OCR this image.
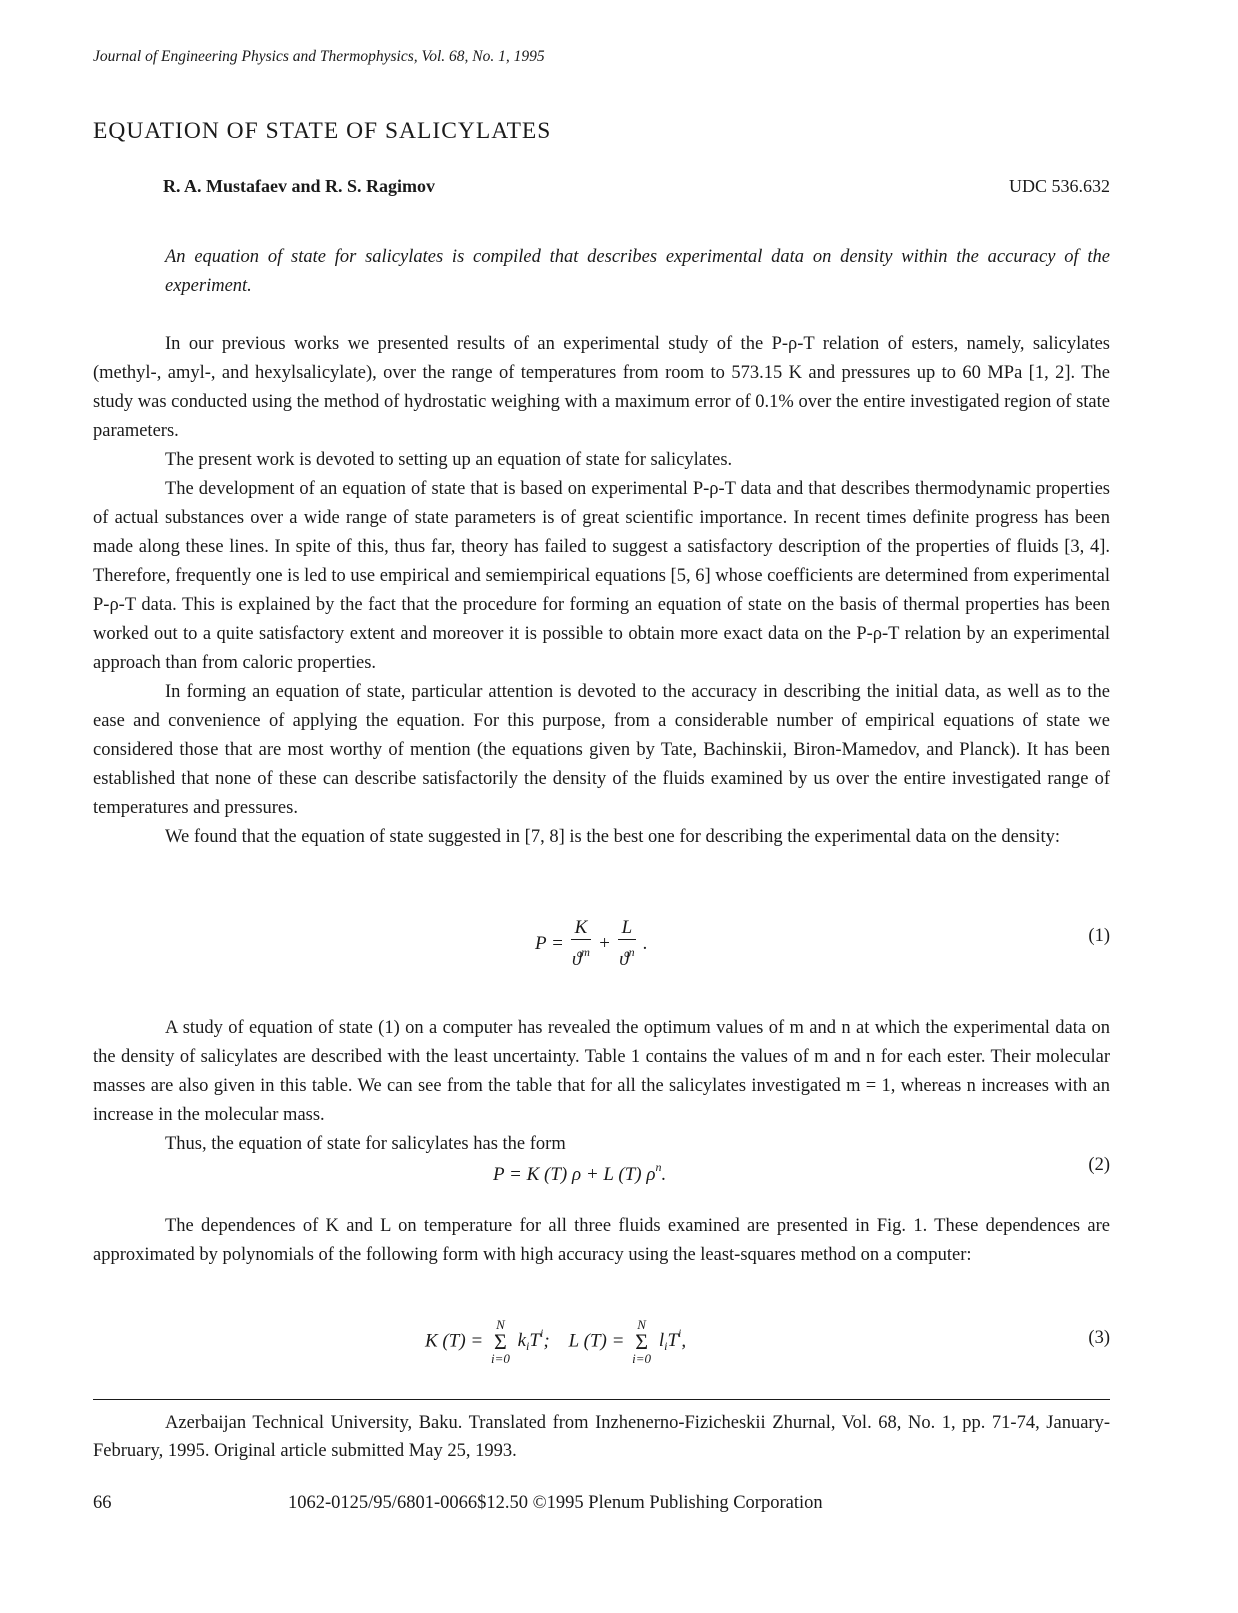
Journal of Engineering Physics and Thermophysics, Vol. 68, No. 1, 1995
EQUATION OF STATE OF SALICYLATES
R. A. Mustafaev and R. S. Ragimov	UDC 536.632
An equation of state for salicylates is compiled that describes experimental data on density within the accuracy of the experiment.

In our previous works we presented results of an experimental study of the P-ρ-T relation of esters, namely, salicylates (methyl-, amyl-, and hexylsalicylate), over the range of temperatures from room to 573.15 K and pressures up to 60 MPa [1, 2]. The study was conducted using the method of hydrostatic weighing with a maximum error of 0.1% over the entire investigated region of state parameters.

The present work is devoted to setting up an equation of state for salicylates.

The development of an equation of state that is based on experimental P-ρ-T data and that describes thermodynamic properties of actual substances over a wide range of state parameters is of great scientific importance. In recent times definite progress has been made along these lines. In spite of this, thus far, theory has failed to suggest a satisfactory description of the properties of fluids [3, 4]. Therefore, frequently one is led to use empirical and semiempirical equations [5, 6] whose coefficients are determined from experimental P-ρ-T data. This is explained by the fact that the procedure for forming an equation of state on the basis of thermal properties has been worked out to a quite satisfactory extent and moreover it is possible to obtain more exact data on the P-ρ-T relation by an experimental approach than from caloric properties.

In forming an equation of state, particular attention is devoted to the accuracy in describing the initial data, as well as to the ease and convenience of applying the equation. For this purpose, from a considerable number of empirical equations of state we considered those that are most worthy of mention (the equations given by Tate, Bachinskii, Biron-Mamedov, and Planck). It has been established that none of these can describe satisfactorily the density of the fluids examined by us over the entire investigated range of temperatures and pressures.

We found that the equation of state suggested in [7, 8] is the best one for describing the experimental data on the density:

$P = \frac{K}{ϑ^m} + \frac{L}{ϑ^n}$ .	(1)

A study of equation of state (1) on a computer has revealed the optimum values of m and n at which the experimental data on the density of salicylates are described with the least uncertainty. Table 1 contains the values of m and n for each ester. Their molecular masses are also given in this table. We can see from the table that for all the salicylates investigated m = 1, whereas n increases with an increase in the molecular mass.

Thus, the equation of state for salicylates has the form

P = K (T) ρ + L (T) $\rho^n$.	(2)

The dependences of K and L on temperature for all three fluids examined are presented in Fig. 1. These dependences are approximated by polynomials of the following form with high accuracy using the least-squares method on a computer:

K (T) =
N
Σ
i=0
$k_iT^i$; L (T) =
N
Σ
i=0
$l_iT^i$,	(3)
Azerbaijan Technical University, Baku. Translated from Inzhenerno-Fizicheskii Zhurnal, Vol. 68, No. 1, pp. 71-74, January-February, 1995. Original article submitted May 25, 1993.
66	1062-0125/95/6801-0066$12.50 ©1995 Plenum Publishing Corporation
